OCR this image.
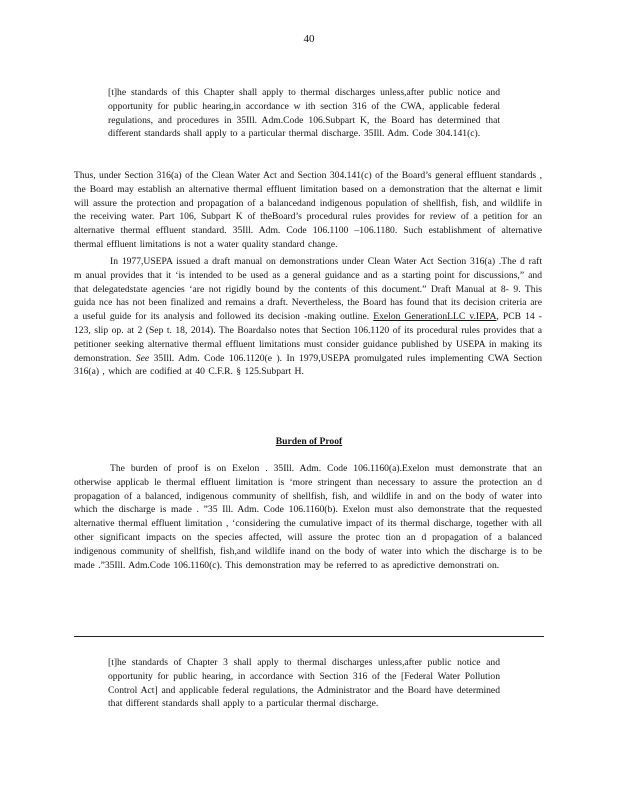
40

[t]he standards of this Chapter shall apply to thermal discharges unless,after public notice and opportunity for public hearing,in accordance w ith section 316 of the CWA, applicable federal regulations, and procedures in 35Ill. Adm.Code 106.Subpart K, the Board has determined that different standards shall apply to a particular thermal discharge. 35Ill. Adm. Code 304.141(c).

Thus, under Section 316(a) of the Clean Water Act and Section 304.141(c) of the Board’s general effluent standards , the Board may establish an alternative thermal effluent limitation based on a demonstration that the alternat e limit will assure the protection and propagation of a balancedand indigenous population of shellfish, fish, and wildlife in the receiving water. Part 106, Subpart K of theBoard’s procedural rules provides for review of a petition for an alternative thermal effluent standard. 35Ill. Adm. Code 106.1100 –106.1180. Such establishment of alternative thermal effluent limitations is not a water quality standard change.

In 1977,USEPA issued a draft manual on demonstrations under Clean Water Act Section 316(a) .The d raft m anual provides that it ‘is intended to be used as a general guidance and as a starting point for discussions,” and that delegatedstate agencies ‘are not rigidly bound by the contents of this document.” Draft Manual at 8- 9. This guida nce has not been finalized and remains a draft. Nevertheless, the Board has found that its decision criteria are a useful guide for its analysis and followed its decision -making outline. Exelon GenerationLLC v.IEPA, PCB 14 - 123, slip op. at 2 (Sep t. 18, 2014). The Boardalso notes that Section 106.1120 of its procedural rules provides that a petitioner seeking alternative thermal effluent limitations must consider guidance published by USEPA in making its demonstration. See 35Ill. Adm. Code 106.1120(e ). In 1979,USEPA promulgated rules implementing CWA Section 316(a) , which are codified at 40 C.F.R. § 125.Subpart H.

Burden of Proof

The burden of proof is on Exelon . 35Ill. Adm. Code 106.1160(a).Exelon must demonstrate that an otherwise applicab le thermal effluent limitation is ‘more stringent than necessary to assure the protection an d propagation of a balanced, indigenous community of shellfish, fish, and wildlife in and on the body of water into which the discharge is made . ”35 Ill. Adm. Code 106.1160(b). Exelon must also demonstrate that the requested alternative thermal effluent limitation , ‘considering the cumulative impact of its thermal discharge, together with all other significant impacts on the species affected, will assure the protec tion an d propagation of a balanced indigenous community of shellfish, fish,and wildlife inand on the body of water into which the discharge is to be made .”35Ill. Adm.Code 106.1160(c). This demonstration may be referred to as apredictive demonstrati on.

[t]he standards of Chapter 3 shall apply to thermal discharges unless,after public notice and opportunity for public hearing, in accordance with Section 316 of the [Federal Water Pollution Control Act] and applicable federal regulations, the Administrator and the Board have determined that different standards shall apply to a particular thermal discharge.
